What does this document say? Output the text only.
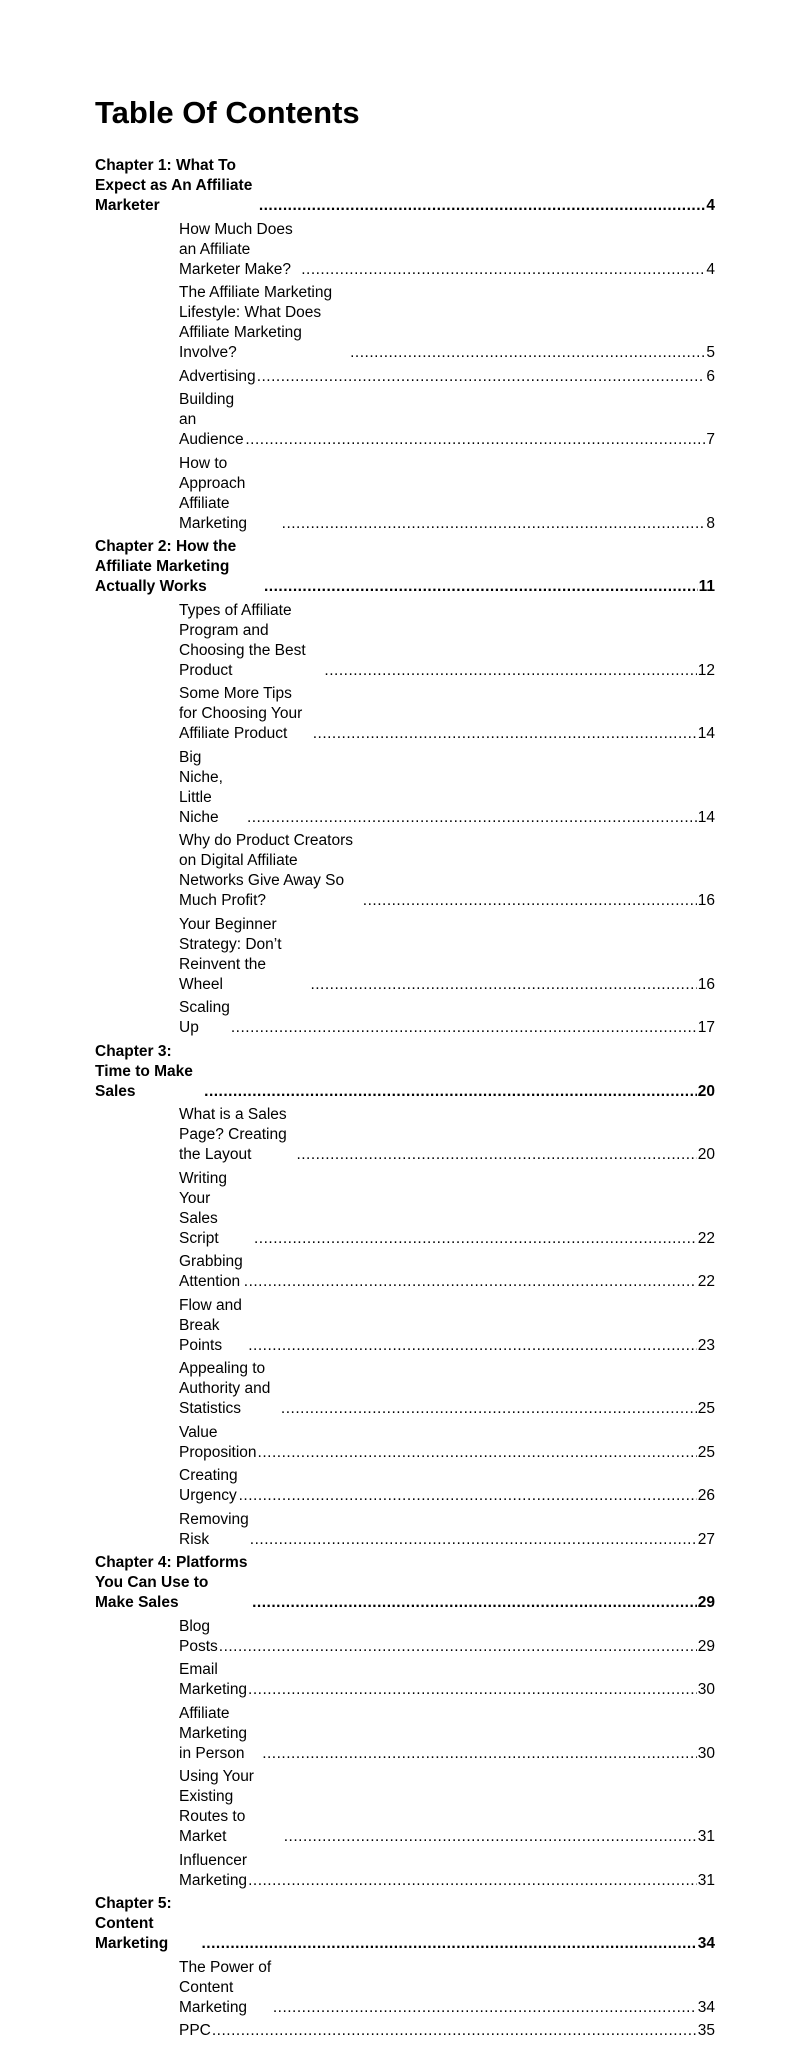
Table Of Contents
Chapter 1: What To Expect as An Affiliate Marketer .....	4
How Much Does an Affiliate Marketer Make? .....	4
The Affiliate Marketing Lifestyle: What Does Affiliate Marketing Involve? .....	5
Advertising .....	6
Building an Audience .....	7
How to Approach Affiliate Marketing .....	8
Chapter 2: How the Affiliate Marketing Actually Works .....	11
Types of Affiliate Program and Choosing the Best Product .....	12
Some More Tips for Choosing Your Affiliate Product .....	14
Big Niche, Little Niche .....	14
Why do Product Creators on Digital Affiliate Networks Give Away So Much Profit? .....	16
Your Beginner Strategy: Don’t Reinvent the Wheel .....	16
Scaling Up .....	17
Chapter 3: Time to Make Sales .....	20
What is a Sales Page? Creating the Layout .....	20
Writing Your Sales Script .....	22
Grabbing Attention .....	22
Flow and Break Points .....	23
Appealing to Authority and Statistics .....	25
Value Proposition .....	25
Creating Urgency .....	26
Removing Risk .....	27
Chapter 4: Platforms You Can Use to Make Sales .....	29
Blog Posts .....	29
Email Marketing .....	30
Affiliate Marketing in Person .....	30
Using Your Existing Routes to Market .....	31
Influencer Marketing .....	31
Chapter 5: Content Marketing .....	34
The Power of Content Marketing .....	34
PPC .....	35
